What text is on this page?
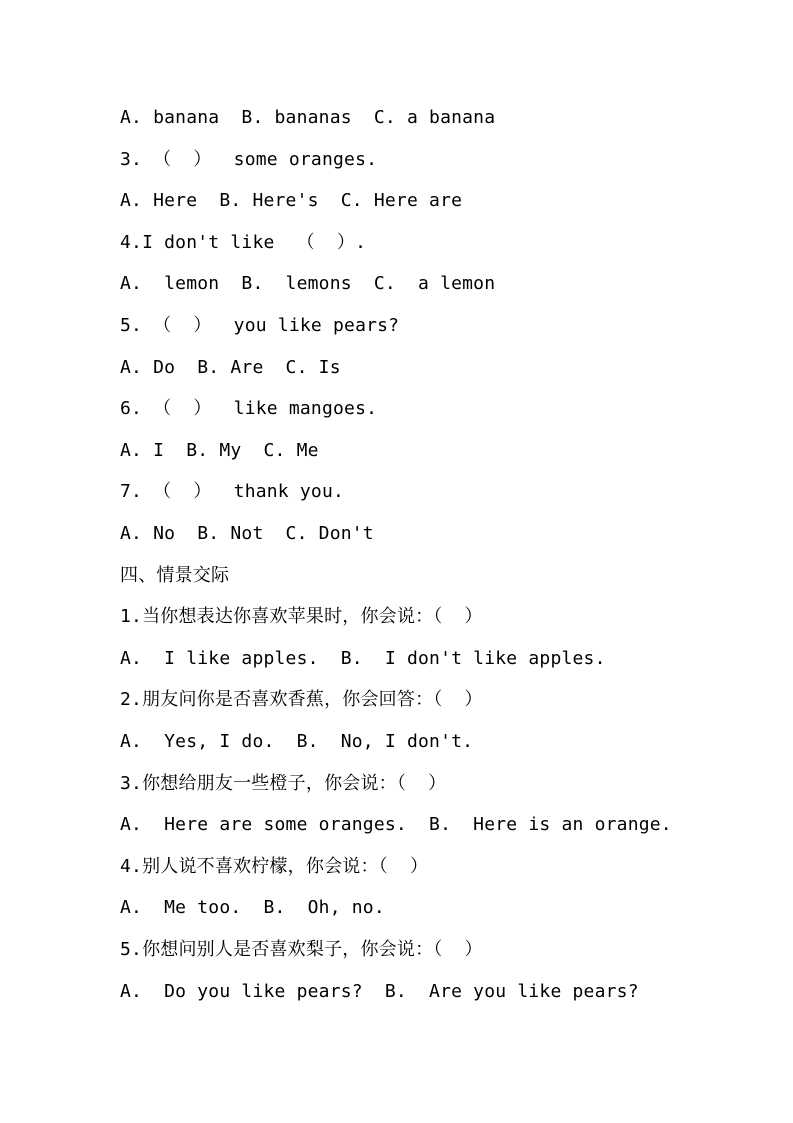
A. banana  B. bananas  C. a banana
3. （  ）  some oranges.
A. Here  B. Here's  C. Here are
4.I don't like  （  ）.
A.  lemon  B.  lemons  C.  a lemon
5. （  ）  you like pears?
A. Do  B. Are  C. Is
6. （  ）  like mangoes.
A. I  B. My  C. Me
7. （  ）  thank you.
A. No  B. Not  C. Don't
四、情景交际
1.当你想表达你喜欢苹果时，你会说：（  ）
A.  I like apples.  B.  I don't like apples.
2.朋友问你是否喜欢香蕉，你会回答：（  ）
A.  Yes, I do.  B.  No, I don't.
3.你想给朋友一些橙子，你会说：（  ）
A.  Here are some oranges.  B.  Here is an orange.
4.别人说不喜欢柠檬，你会说：（  ）
A.  Me too.  B.  Oh, no.
5.你想问别人是否喜欢梨子，你会说：（  ）
A.  Do you like pears?  B.  Are you like pears?
